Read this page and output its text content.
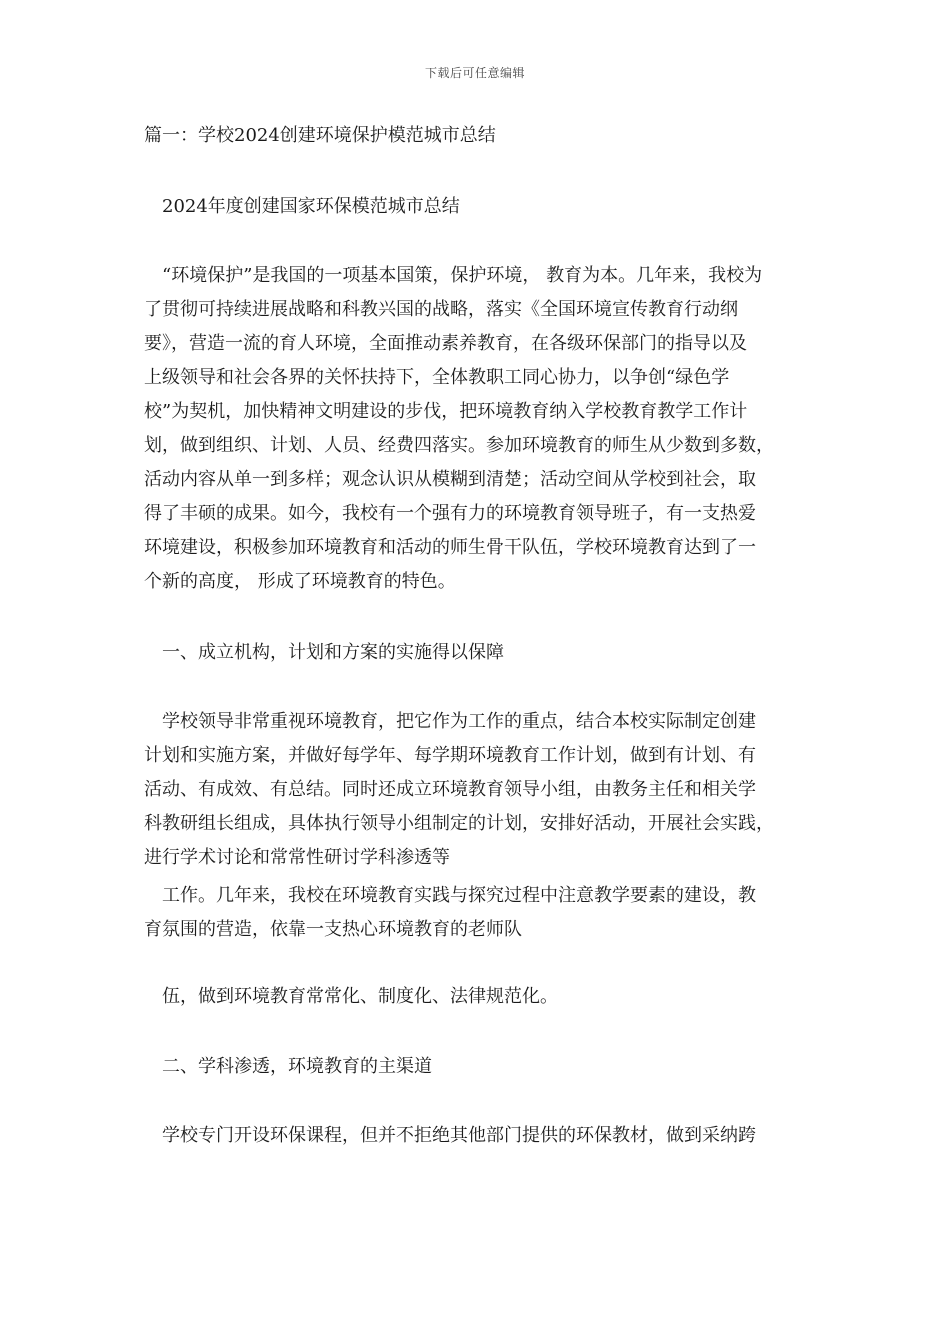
下载后可任意编辑
篇一：学校2024创建环境保护模范城市总结
2024年度创建国家环保模范城市总结
“环境保护”是我国的一项基本国策，保护环境， 教育为本。几年来，我校为
了贯彻可持续进展战略和科教兴国的战略，落实《全国环境宣传教育行动纲
要》，营造一流的育人环境，全面推动素养教育，在各级环保部门的指导以及
上级领导和社会各界的关怀扶持下，全体教职工同心协力，以争创“绿色学
校”为契机，加快精神文明建设的步伐，把环境教育纳入学校教育教学工作计
划，做到组织、计划、人员、经费四落实。参加环境教育的师生从少数到多数，
活动内容从单一到多样；观念认识从模糊到清楚；活动空间从学校到社会，取
得了丰硕的成果。如今，我校有一个强有力的环境教育领导班子，有一支热爱
环境建设，积极参加环境教育和活动的师生骨干队伍，学校环境教育达到了一
个新的高度， 形成了环境教育的特色。
一、成立机构，计划和方案的实施得以保障
学校领导非常重视环境教育，把它作为工作的重点，结合本校实际制定创建
计划和实施方案，并做好每学年、每学期环境教育工作计划，做到有计划、有
活动、有成效、有总结。同时还成立环境教育领导小组，由教务主任和相关学
科教研组长组成，具体执行领导小组制定的计划，安排好活动，开展社会实践，
进行学术讨论和常常性研讨学科渗透等
工作。几年来，我校在环境教育实践与探究过程中注意教学要素的建设，教
育氛围的营造，依靠一支热心环境教育的老师队
伍，做到环境教育常常化、制度化、法律规范化。
二、学科渗透，环境教育的主渠道
学校专门开设环保课程，但并不拒绝其他部门提供的环保教材，做到采纳跨
